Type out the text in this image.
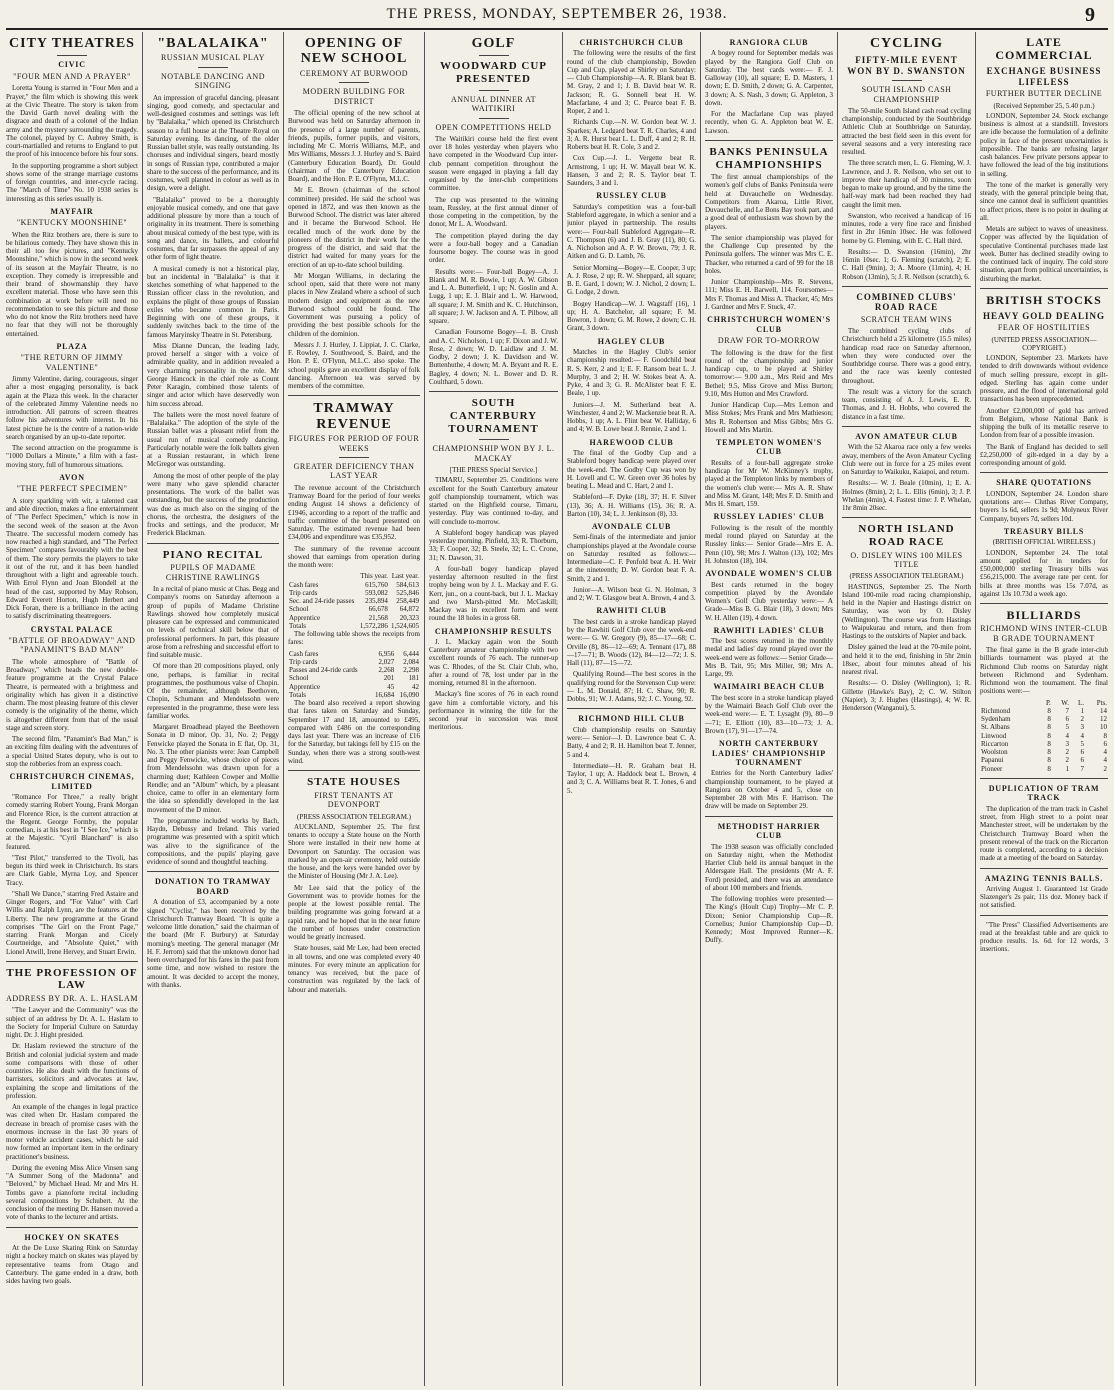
THE PRESS, MONDAY, SEPTEMBER 26, 1938.	9
CITY THEATRES
CIVIC
"FOUR MEN AND A PRAYER"

Loretta Young is starred in "Four Men and a Prayer," the film which is showing this week at the Civic Theatre. The story is taken from the David Garth novel dealing with the disgrace and death of a colonel of the Indian army and the mystery surrounding the tragedy. The colonel, played by C. Aubrey Smith, is court-martialled and returns to England to put the proof of his innocence before his four sons.

In the supporting programme a short subject shows some of the strange marriage customs of foreign countries, and inter-cycle racing. The "March of Time" No. 10 1938 series is interesting as this series usually is.

MAYFAIR
"KENTUCKY MOONSHINE"

When the Ritz brothers are, there is sure to be hilarious comedy. They have shown this in their all too few pictures, and "Kentucky Moonshine," which is now in the second week of its season at the Mayfair Theatre, is no exception. They comedy is irrepressible and their brand of showmanship they have excellent material. Those who have seen this combination at work before will need no recommendation to see this picture and those who do not know the Ritz brothers need have no fear that they will not be thoroughly entertained.

PLAZA
"THE RETURN OF JIMMY VALENTINE"

Jimmy Valentine, daring, courageous, singer after a most engaging personality, is back again at the Plaza this week. In the character of the celebrated Jimmy Valentine needs no introduction. All patrons of screen theatres follow his adventures with interest. In his latest picture he is the centre of a nation-wide search organised by an up-to-date reporter.

The second attraction on the programme is "1000 Dollars a Minute," a film with a fast-moving story, full of humorous situations.

AVON
"THE PERFECT SPECIMEN"

A story sparkling with wit, a talented cast and able direction, makes a fine entertainment of "The Perfect Specimen," which is now in the second week of the season at the Avon Theatre. The successful modern comedy has now reached a high standard, and "The Perfect Specimen" compares favourably with the best of them. The story permits the players to take it out of the rut, and it has been handled throughout with a light and agreeable touch. With Errol Flynn and Joan Blondell at the head of the cast, supported by May Robson, Edward Everett Horton, Hugh Herbert and Dick Foran, there is a brilliance in the acting to satisfy discriminating theatregoers.

CRYSTAL PALACE
"BATTLE OF BROADWAY" AND "PANAMINT'S BAD MAN"

The whole atmosphere of "Battle of Broadway," which heads the new double-feature programme at the Crystal Palace Theatre, is permeated with a brightness and originality which has given it a distinctive charm. The most pleasing feature of this clever comedy is the originality of the theme, which is altogether different from that of the usual stage and screen story.

The second film, "Panamint's Bad Man," is an exciting film dealing with the adventures of a special United States deputy, who is out to stop the robberies from an express coach.

CHRISTCHURCH CINEMAS, LIMITED

"Romance For Three," a really bright comedy starring Robert Young, Frank Morgan and Florence Rice, is the current attraction at the Regent. George Formby, the popular comedian, is at his best in "I See Ice," which is at the Majestic. "Cyril Blanchard" is also featured.

"Test Pilot," transferred to the Tivoli, has begun its third week in Christchurch. Its stars are Clark Gable, Myrna Loy, and Spencer Tracy.

"Shall We Dance," starring Fred Astaire and Ginger Rogers, and "For Value" with Carl Willis and Ralph Lynn, are the features at the Liberty. The new programme at the Grand comprises "The Girl on the Front Page," starring Frank Morgan and Cicely Courtneidge, and "Absolute Quiet," with Lionel Atwill, Irene Hervey, and Stuart Erwin.

THE PROFESSION OF LAW
ADDRESS BY DR. A. L. HASLAM

"The Lawyer and the Community" was the subject of an address by Dr. A. L. Haslam to the Society for Imperial Culture on Saturday night. Dr. J. Hight presided.

Dr. Haslam reviewed the structure of the British and colonial judicial system and made some comparisons with those of other countries. He also dealt with the functions of barristers, solicitors and advocates at law, explaining the scope and limitations of the profession.

An example of the changes in legal practice was cited when Dr. Haslam compared the decrease in breach of promise cases with the enormous increase in the last 30 years of motor vehicle accident cases, which he said now formed an important item in the ordinary practitioner's business.

During the evening Miss Alice Vinsen sang "A Summer Song of the Madonna" and "Beloved," by Michael Head. Mr and Mrs H. Tombs gave a pianoforte recital including several compositions by Schubert. At the conclusion of the meeting Dr. Hansen moved a vote of thanks to the lecturer and artists.

HOCKEY ON SKATES

At the De Luxe Skating Rink on Saturday night a hockey match on skates was played by representative teams from Otago and Canterbury. The game ended in a draw, both sides having two goals.

"BALALAIKA"
RUSSIAN MUSICAL PLAY
NOTABLE DANCING AND SINGING

An impression of graceful dancing, pleasant singing, good comedy, and spectacular and well-designed costumes and settings was left by "Balalaika," which opened its Christchurch season to a full house at the Theatre Royal on Saturday evening. Its dancing, of the older Russian ballet style, was really outstanding. Its choruses and individual singers, heard mostly in songs of Russian type, contributed a major share to the success of the performance, and its costumes, well planned in colour as well as in design, were a delight.

"Balalaika" proved to be a thoroughly enjoyable musical comedy, and one that gave additional pleasure by more than a touch of originality in its treatment. There is something about musical comedy of the best type, with its song and dance, its ballets, and colourful costumes, that far surpasses the appeal of any other form of light theatre.

A musical comedy is not a historical play, but an incidental in "Balalaika" is that it sketches something of what happened to the Russian officer class in the revolution, and explains the plight of those groups of Russian exiles who became common in Paris. Beginning with one of these groups, it suddenly switches back to the time of the famous Maryinsky Theatre in St. Petersburg.

Miss Dianne Duncan, the leading lady, proved herself a singer with a voice of admirable quality, and in addition revealed a very charming personality in the role. Mr George Hancock in the chief role as Count Peter Karagin, combined those talents of singer and actor which have deservedly won him success abroad.

The ballets were the most novel feature of "Balalaika." The adoption of the style of the Russian ballet was a pleasant relief from the usual run of musical comedy dancing. Particularly notable were the folk ballets given at a Russian restaurant, in which Irene McGregor was outstanding.

Among the most of other people of the play were many who gave splendid character presentations. The work of the ballet was outstanding, but the success of the production was due as much also on the singing of the chorus, the orchestra, the designers of the frocks and settings, and the producer, Mr Frederick Blackman.

PIANO RECITAL
PUPILS OF MADAME CHRISTINE RAWLINGS

In a recital of piano music at Chas. Begg and Company's rooms on Saturday afternoon a group of pupils of Madame Christine Rawlings showed how completely musical pleasure can be expressed and communicated on levels of technical skill below that of professional performers. In part, this pleasure arose from a refreshing and successful effort to find suitable music.

Of more than 20 compositions played, only one, perhaps, is familiar in recital programmes, the posthumous valse of Chopin. Of the remainder, although Beethoven, Chopin, Schumann and Mendelssohn were represented in the programme, these were less familiar works.

Margaret Broadhead played the Beethoven Sonata in D minor, Op. 31, No. 2; Peggy Fenwicke played the Sonata in E flat, Op. 31, No. 3. The other pianists were: Jean Campbell and Peggy Fenwicke, whose choice of pieces from Mendelssohn was drawn upon for a charming duet; Kathleen Cowper and Mollie Rendle; and an "Album" which, by a pleasant choice, came to offer in an elementary form the idea so splendidly developed in the last movement of the D minor.

The programme included works by Bach, Haydn, Debussy and Ireland. This varied programme was presented with a spirit which was alive to the significance of the compositions, and the pupils' playing gave evidence of sound and thoughtful teaching.

DONATION TO TRAMWAY BOARD

A donation of £3, accompanied by a note signed "Cyclist," has been received by the Christchurch Tramway Board. "It is quite a welcome little donation," said the chairman of the board (Mr F. Burbury) at Saturday morning's meeting. The general manager (Mr H. F. Jerrom) said that the unknown donor had been overcharged for his fares in the past from some time, and now wished to restore the amount. It was decided to accept the money, with thanks.

OPENING OF NEW SCHOOL
CEREMONY AT BURWOOD
MODERN BUILDING FOR DISTRICT

The official opening of the new school at Burwood was held on Saturday afternoon in the presence of a large number of parents, friends, pupils, former pupils, and visitors, including Mr C. Morris Williams, M.P., and Mrs Williams, Messrs J. J. Hurley and S. Baird (Canterbury Education Board), Dr. Gould (chairman of the Canterbury Education Board), and the Hon. P. E. O'Flynn, M.L.C.

Mr E. Brown (chairman of the school committee) presided. He said the school was opened in 1872, and was then known as the Burwood School. The district was later altered and it became the Burwood School. He recalled much of the work done by the pioneers of the district in their work for the progress of the district, and said that the district had waited for many years for the erection of an up-to-date school building.

Mr Morgan Williams, in declaring the school open, said that there were not many places in New Zealand where a school of such modern design and equipment as the new Burwood school could be found. The Government was pursuing a policy of providing the best possible schools for the children of the dominion.

Messrs J. J. Hurley, J. Lippiat, J. C. Clarke, F. Rowley, J. Southwood, S. Baird, and the Hon. P. E. O'Flynn, M.L.C. also spoke. The school pupils gave an excellent display of folk dancing. Afternoon tea was served by members of the committee.

TRAMWAY REVENUE
FIGURES FOR PERIOD OF FOUR WEEKS
GREATER DEFICIENCY THAN LAST YEAR

The revenue account of the Christchurch Tramway Board for the period of four weeks ending August 14 shows a deficiency of £1946, according to a report of the traffic and traffic committee of the board presented on Saturday. The estimated revenue had been £34,006 and expenditure was £35,952.

The summary of the revenue account showed that earnings from operation during the month were:

	This year.	Last year.
Cash fares	615,760	584,613
Trip cards	593,082	525,846
Sec. and 24-ride passes	235,894	258,449
School	66,678	64,872
Apprentice	21,568	20,323
Totals	1,572,286	1,524,605

The following table shows the receipts from fares:

Cash fares	6,956	6,444
Trip cards	2,027	2,084
Passes and 24-ride cards	2,268	2,298
School	201	181
Apprentice	45	42
Totals	16,684	16,090

The board also received a report showing that fares taken on Saturday and Sunday, September 17 and 18, amounted to £495, compared with £486 on the corresponding days last year. There was an increase of £16 for the Saturday, but takings fell by £15 on the Sunday, when there was a strong south-west wind.

STATE HOUSES
FIRST TENANTS AT DEVONPORT
(PRESS ASSOCIATION TELEGRAM.)

AUCKLAND, September 25. The first tenants to occupy a State house on the North Shore were installed in their new home at Devonport on Saturday. The occasion was marked by an open-air ceremony, held outside the house, and the keys were handed over by the Minister of Housing (Mr J. A. Lee).

Mr Lee said that the policy of the Government was to provide homes for the people at the lowest possible rental. The building programme was going forward at a rapid rate, and he hoped that in the near future the number of houses under construction would be greatly increased.

State houses, said Mr Lee, had been erected in all towns, and one was completed every 40 minutes. For every minute an application for tenancy was received, but the pace of construction was regulated by the lack of labour and materials.

GOLF
WOODWARD CUP PRESENTED
ANNUAL DINNER AT WAITIKIRI
OPEN COMPETITIONS HELD

The Waitikiri course held the first event over 18 holes yesterday when players who have competed in the Woodward Cup inter-club pennant competition throughout the season were engaged in playing a fall day organised by the inter-club competitions committee.

The cup was presented to the winning team, Russley, at the first annual dinner of those competing in the competition, by the donor, Mr L. A. Woodward.

The competition played during the day were a four-ball bogey and a Canadian foursome bogey. The course was in good order.

Results were:— Four-ball Bogey—A. J. Blank and M. R. Bowie, 1 up; A. W. Gibson and L. A. Butterfield, 1 up; N. Goslin and A. Lugg, 1 up; E. J. Blair and L. W. Harwood, all square; J. M. Smith and K. C. Hutchinson, all square; J. W. Jackson and A. T. Pilbow, all square.

Canadian Foursome Bogey—I. B. Crush and A. C. Nicholson, 1 up; F. Dixon and J. W. Rose, 2 down; W. D. Laidlaw and J. M. Godby, 2 down; J. K. Davidson and W. Buttenhuthe, 4 down; M. A. Bryant and R. E. Bagley, 4 down; N. L. Bower and D. R. Coulthard, 5 down.

SOUTH CANTERBURY TOURNAMENT
CHAMPIONSHIP WON BY J. L. MACKAY
[THE PRESS Special Service.]

TIMARU, September 25. Conditions were excellent for the South Canterbury amateur golf championship tournament, which was started on the Highfield course, Timaru, yesterday. Play was continued to-day, and will conclude to-morrow.

A Stableford bogey handicap was played yesterday morning. Pinfield, 33; R. Thorburn, 33; F. Cooper, 32; B. Steele, 32; L. C. Crone, 31; N. Dawson, 31.

A four-ball bogey handicap played yesterday afternoon resulted in the first trophy being won by J. L. Mackay and F. G. Kerr, jun., on a count-back, but J. L. Mackay and two Marsh-pitted Mr. McCaskill; Mackay was in excellent form and went round the 18 holes in a gross 68.

CHAMPIONSHIP RESULTS

J. L. Mackay again won the South Canterbury amateur championship with two excellent rounds of 76 each. The runner-up was C. Rhodes, of the St. Clair Club, who, after a round of 78, lost under par in the morning, returned 81 in the afternoon.

Mackay's fine scores of 76 in each round gave him a comfortable victory, and his performance in winning the title for the second year in succession was most meritorious.

CHRISTCHURCH CLUB

The following were the results of the first round of the club championship, Bowden Cup and Cup, played at Shirley on Saturday:— Club Championship—A. R. Blank beat B. M. Gray, 2 and 1; J. B. David beat W. R. Jackson; R. G. Sonnell beat H. W. Macfarlane, 4 and 3; C. Pearce beat F. B. Roper, 2 and 1.

Richards Cup.—N. W. Gordon beat W. J. Sparkes; A. Ledgard beat T. R. Charles, 4 and 3; A. R. Hurst beat L. L. Duff, 4 and 2; R. H. Roberts beat H. R. Cole, 3 and 2.

Cox Cup.—J. L. Vergette beat R. Armstrong, 1 up; H. W. Mayall beat W. K. Hansen, 3 and 2; R. S. Taylor beat T. Saunders, 3 and 1.

RUSSLEY CLUB

Saturday's competition was a four-ball Stableford aggregate, in which a senior and a junior played in partnership. The results were:— Four-ball Stableford Aggregate—R. C. Thompson (6) and J. B. Gray (11), 80; G. A. Nicholson and A. P. W. Brown, 79; J. R. Aitken and G. D. Lamb, 76.

Senior Morning—Bogey—E. Cooper, 3 up; A. J. Rose, 2 up; R. W. Sheppard, all square; B. E. Gard, 1 down; W. J. Nichol, 2 down; L. G. Lodge, 2 down.

Bogey Handicap—W. J. Wagstaff (16), 1 up; H. A. Batchelor, all square; F. M. Bowron, 1 down; G. M. Rowe, 2 down; C. H. Grant, 3 down.

HAGLEY CLUB

Matches in the Hagley Club's senior championship resulted:— F. Goodchild beat R. S. Kerr, 2 and 1; E. F. Ransom beat L. J. Murphy, 3 and 2; H. W. Stokes beat A. A. Pyke, 4 and 3; G. R. McAlister beat F. E. Beale, 1 up.

Juniors—J. M. Sutherland beat A. Winchester, 4 and 2; W. Mackenzie beat R. A. Hobbs, 1 up; A. L. Flint beat W. Halliday, 6 and 4; W. B. Lowe beat J. Rennie, 2 and 1.

HAREWOOD CLUB

The final of the Godby Cup and a Stableford bogey handicap were played over the week-end. The Godby Cup was won by H. Lovell and C. W. Green over 36 holes by beating L. Mead and C. Hart, 2 and 1.

Stableford—F. Dyke (18), 37; H. F. Silver (13), 36; A. H. Williams (15), 36; R. A. Barton (10), 34; L. J. Jenkinson (8), 33.

AVONDALE CLUB

Semi-finals of the intermediate and junior championships played at the Avondale course on Saturday resulted as follows:— Intermediate—C. F. Penfold beat A. H. Weir at the nineteenth; D. W. Gordon beat F. A. Smith, 2 and 1.

Junior—A. Wilson beat G. N. Holman, 3 and 2; W. T. Glasgow beat A. Brown, 4 and 3.

RAWHITI CLUB

The best cards in a stroke handicap played by the Rawhiti Golf Club over the week-end were:— G. W. Gregory (9), 85—17—68; C. Orville (8), 86—12—69; A. Tennant (17), 88—17—71; B. Woods (12), 84—12—72; J. S. Hall (11), 87—15—72.

Qualifying Round—The best scores in the qualifying round for the Stevenson Cup were:— L. M. Donald, 87; H. C. Shaw, 90; R. Dobbs, 91; W. J. Adams, 92; J. C. Young, 92.

RICHMOND HILL CLUB

Club championship results on Saturday were:— Senior—J. D. Lawrence beat C. A. Batty, 4 and 2; R. H. Hamilton beat T. Jenner, 5 and 4.

Intermediate—H. R. Graham beat H. Taylor, 1 up; A. Haddock beat L. Brown, 4 and 3; C. A. Williams beat R. T. Jones, 6 and 5.

RANGIORA CLUB

A bogey round for September medals was played by the Rangiora Golf Club on Saturday. The best cards were:— F. J. Galloway (10), all square; E. D. Masters, 1 down; E. D. Smith, 2 down; G. A. Carpenter, 3 down; A. S. Nash, 3 down; G. Appleton, 3 down.

For the Macfarlane Cup was played recently, when G. A. Appleton beat W. E. Lawson.

BANKS PENINSULA CHAMPIONSHIPS

The first annual championships of the women's golf clubs of Banks Peninsula were held at Duvauchelle on Wednesday. Competitors from Akaroa, Little River, Duvauchelle, and Le Bons Bay took part, and a good deal of enthusiasm was shown by the players.

The senior championship was played for the Challenge Cup presented by the Peninsula golfers. The winner was Mrs C. E. Thacker, who returned a card of 99 for the 18 holes.

Junior Championship—Mrs R. Stevens, 111; Miss E. H. Barwell, 114. Foursomes—Mrs F. Thomas and Miss A. Thacker, 45; Mrs J. Gardner and Mrs F. Stuck, 47.

CHRISTCHURCH WOMEN'S CLUB
DRAW FOR TO-MORROW

The following is the draw for the first round of the championship and junior handicap cup, to be played at Shirley tomorrow:— 9.00 a.m., Mrs Reid and Mrs Bethel; 9.5, Miss Grove and Miss Burton; 9.10, Mrs Hutton and Mrs Crawford.

Junior Handicap Cup.—Mrs Lemon and Miss Stokes; Mrs Frank and Mrs Mathieson; Mrs R. Robertson and Miss Gibbs; Mrs G. Howell and Mrs Martin.

TEMPLETON WOMEN'S CLUB

Results of a four-ball aggregate stroke handicap for Mr W. McKinney's trophy, played at the Templeton links by members of the women's club were:— Mrs A. R. Shaw and Miss M. Grant, 148; Mrs F. D. Smith and Mrs H. Smart, 159.

RUSSLEY LADIES' CLUB

Following is the result of the monthly medal round played on Saturday at the Russley links:— Senior Grade—Mrs E. A. Penn (10), 98; Mrs J. Walton (13), 102; Mrs H. Johnston (18), 104.

AVONDALE WOMEN'S CLUB

Best cards returned in the bogey competition played by the Avondale Women's Golf Club yesterday were:— A Grade—Miss B. G. Blair (18), 3 down; Mrs W. H. Allen (19), 4 down.

RAWHITI LADIES' CLUB

The best scores returned in the monthly medal and ladies' day round played over the week-end were as follows:— Senior Grade—Mrs B. Tait, 95; Mrs Miller, 98; Mrs A. Large, 99.

WAIMAIRI BEACH CLUB

The best score in a stroke handicap played by the Waimairi Beach Golf Club over the week-end were:— E. T. Lysaght (9), 80—9—71; E. Elliott (10), 83—10—73; J. A. Brown (17), 91—17—74.

NORTH CANTERBURY LADIES' CHAMPIONSHIP TOURNAMENT

Entries for the North Canterbury ladies' championship tournament, to be played at Rangiora on October 4 and 5, close on September 28 with Mrs F. Harrison. The draw will be made on September 29.

METHODIST HARRIER CLUB

The 1938 season was officially concluded on Saturday night, when the Methodist Harrier Club held its annual banquet in the Aldersgate Hall. The presidents (Mr A. F. Ford) presided, and there was an attendance of about 100 members and friends.

The following trophies were presented:— The King's (Hoult Cup) Trophy—Mr C. P. Dixon; Senior Championship Cup—R. Cornelius; Junior Championship Cup—D. Kennedy; Most Improved Runner—K. Duffy.

CYCLING
FIFTY-MILE EVENT WON BY D. SWANSTON
SOUTH ISLAND CASH CHAMPIONSHIP

The 50-mile South Island cash road cycling championship, conducted by the Southbridge Athletic Club at Southbridge on Saturday, attracted the best field seen in this event for several seasons and a very interesting race resulted.

The three scratch men, L. G. Fleming, W. J. Lawrence, and J. R. Neilson, who set out to improve their handicap of 30 minutes, soon began to make up ground, and by the time the half-way mark had been reached they had caught the limit men.

Swanston, who received a handicap of 16 minutes, rode a very fine race and finished first in 2hr 16min 10sec. He was followed home by G. Fleming, with E. C. Hall third.

Results:— D. Swanston (16min), 2hr 16min 10sec. 1; G. Fleming (scratch), 2; E. C. Hall (9min), 3; A. Moore (11min), 4; H. Robson (13min), 5; J. R. Neilson (scratch), 6.

COMBINED CLUBS' ROAD RACE
SCRATCH TEAM WINS

The combined cycling clubs of Christchurch held a 25 kilometre (15.5 miles) handicap road race on Saturday afternoon, when they were conducted over the Southbridge course. There was a good entry, and the race was keenly contested throughout.

The result was a victory for the scratch team, consisting of A. J. Lewis, E. R. Thomas, and J. H. Hobbs, who covered the distance in a fast time.

AVON AMATEUR CLUB

With the 52 Akaroa race only a few weeks away, members of the Avon Amateur Cycling Club were out in force for a 25 miles event on Saturday to Waikuku, Kaiapoi, and return.

Results:— W. J. Beale (10min), 1; E. A. Holmes (8min), 2; L. L. Ellis (6min), 3; J. P. Whelan (4min), 4. Fastest time: J. P. Whelan, 1hr 8min 20sec.

NORTH ISLAND ROAD RACE
O. DISLEY WINS 100 MILES TITLE
(PRESS ASSOCIATION TELEGRAM.)

HASTINGS, September 25. The North Island 100-mile road racing championship, held in the Napier and Hastings district on Saturday, was won by O. Disley (Wellington). The course was from Hastings to Waipukurau and return, and then from Hastings to the outskirts of Napier and back.

Disley gained the lead at the 70-mile point, and held it to the end, finishing in 5hr 2min 18sec, about four minutes ahead of his nearest rival.

Results:— O. Disley (Wellington), 1; R. Gillette (Hawke's Bay), 2; C. W. Stilton (Napier), 3; J. Hughes (Hastings), 4; W. R. Henderson (Wanganui), 5.

LATE COMMERCIAL
EXCHANGE BUSINESS LIFELESS
FURTHER BUTTER DECLINE
(Received September 25, 5.40 p.m.)

LONDON, September 24. Stock exchange business is almost at a standstill. Investors are idle because the formulation of a definite policy in face of the present uncertainties is impossible. The banks are refusing larger cash balances. Few private persons appear to have followed the lead of the big institutions in selling.

The tone of the market is generally very steady, with the general principle being that, since one cannot deal in sufficient quantities to affect prices, there is no point in dealing at all.

Metals are subject to waves of uneasiness. Copper was affected by the liquidation of speculative Continental purchases made last week. Butter has declined steadily owing to the continued lack of inquiry. The cold store situation, apart from political uncertainties, is disturbing the market.

BRITISH STOCKS
HEAVY GOLD DEALING
FEAR OF HOSTILITIES
(UNITED PRESS ASSOCIATION—COPYRIGHT.)

LONDON, September 23. Markets have tended to drift downwards without evidence of much selling pressure, except in gilt-edged. Sterling has again come under pressure, and the flood of international gold transactions has been unprecedented.

Another £2,000,000 of gold has arrived from Belgium, whose National Bank is shipping the bulk of its metallic reserve to London from fear of a possible invasion.

The Bank of England has decided to sell £2,250,000 of gilt-edged in a day by a corresponding amount of gold.

SHARE QUOTATIONS

LONDON, September 24. London share quotations are:— Cluthas River Company, buyers 1s 6d, sellers 1s 9d; Molyneux River Company, buyers 7d, sellers 10d.

TREASURY BILLS
(BRITISH OFFICIAL WIRELESS.)

LONDON, September 24. The total amount applied for in tenders for £50,000,000 sterling Treasury bills was £56,215,000. The average rate per cent. for bills at three months was 15s 7.07d, as against 13s 10.73d a week ago.

BILLIARDS
RICHMOND WINS INTER-CLUB B GRADE TOURNAMENT

The final game in the B grade inter-club billiards tournament was played at the Richmond Club rooms on Saturday night between Richmond and Sydenham. Richmond won the tournament. The final positions were:—

	P.	W.	L.	Pts.
Richmond	8	7	1	14
Sydenham	8	6	2	12
St. Albans	8	5	3	10
Linwood	8	4	4	8
Riccarton	8	3	5	6
Woolston	8	2	6	4
Papanui	8	2	6	4
Pioneer	8	1	7	2
DUPLICATION OF TRAM TRACK

The duplication of the tram track in Cashel street, from High street to a point near Manchester street, will be undertaken by the Christchurch Tramway Board when the present renewal of the track on the Riccarton route is completed, according to a decision made at a meeting of the board on Saturday.

AMAZING TENNIS BALLS.

Arriving August 1. Guaranteed 1st Grade Slazenger's 2s pair, 11s doz. Money back if not satisfied.

"The Press" Classified Advertisements are read at the breakfast table and are quick to produce results. 1s. 6d. for 12 words, 3 insertions.
